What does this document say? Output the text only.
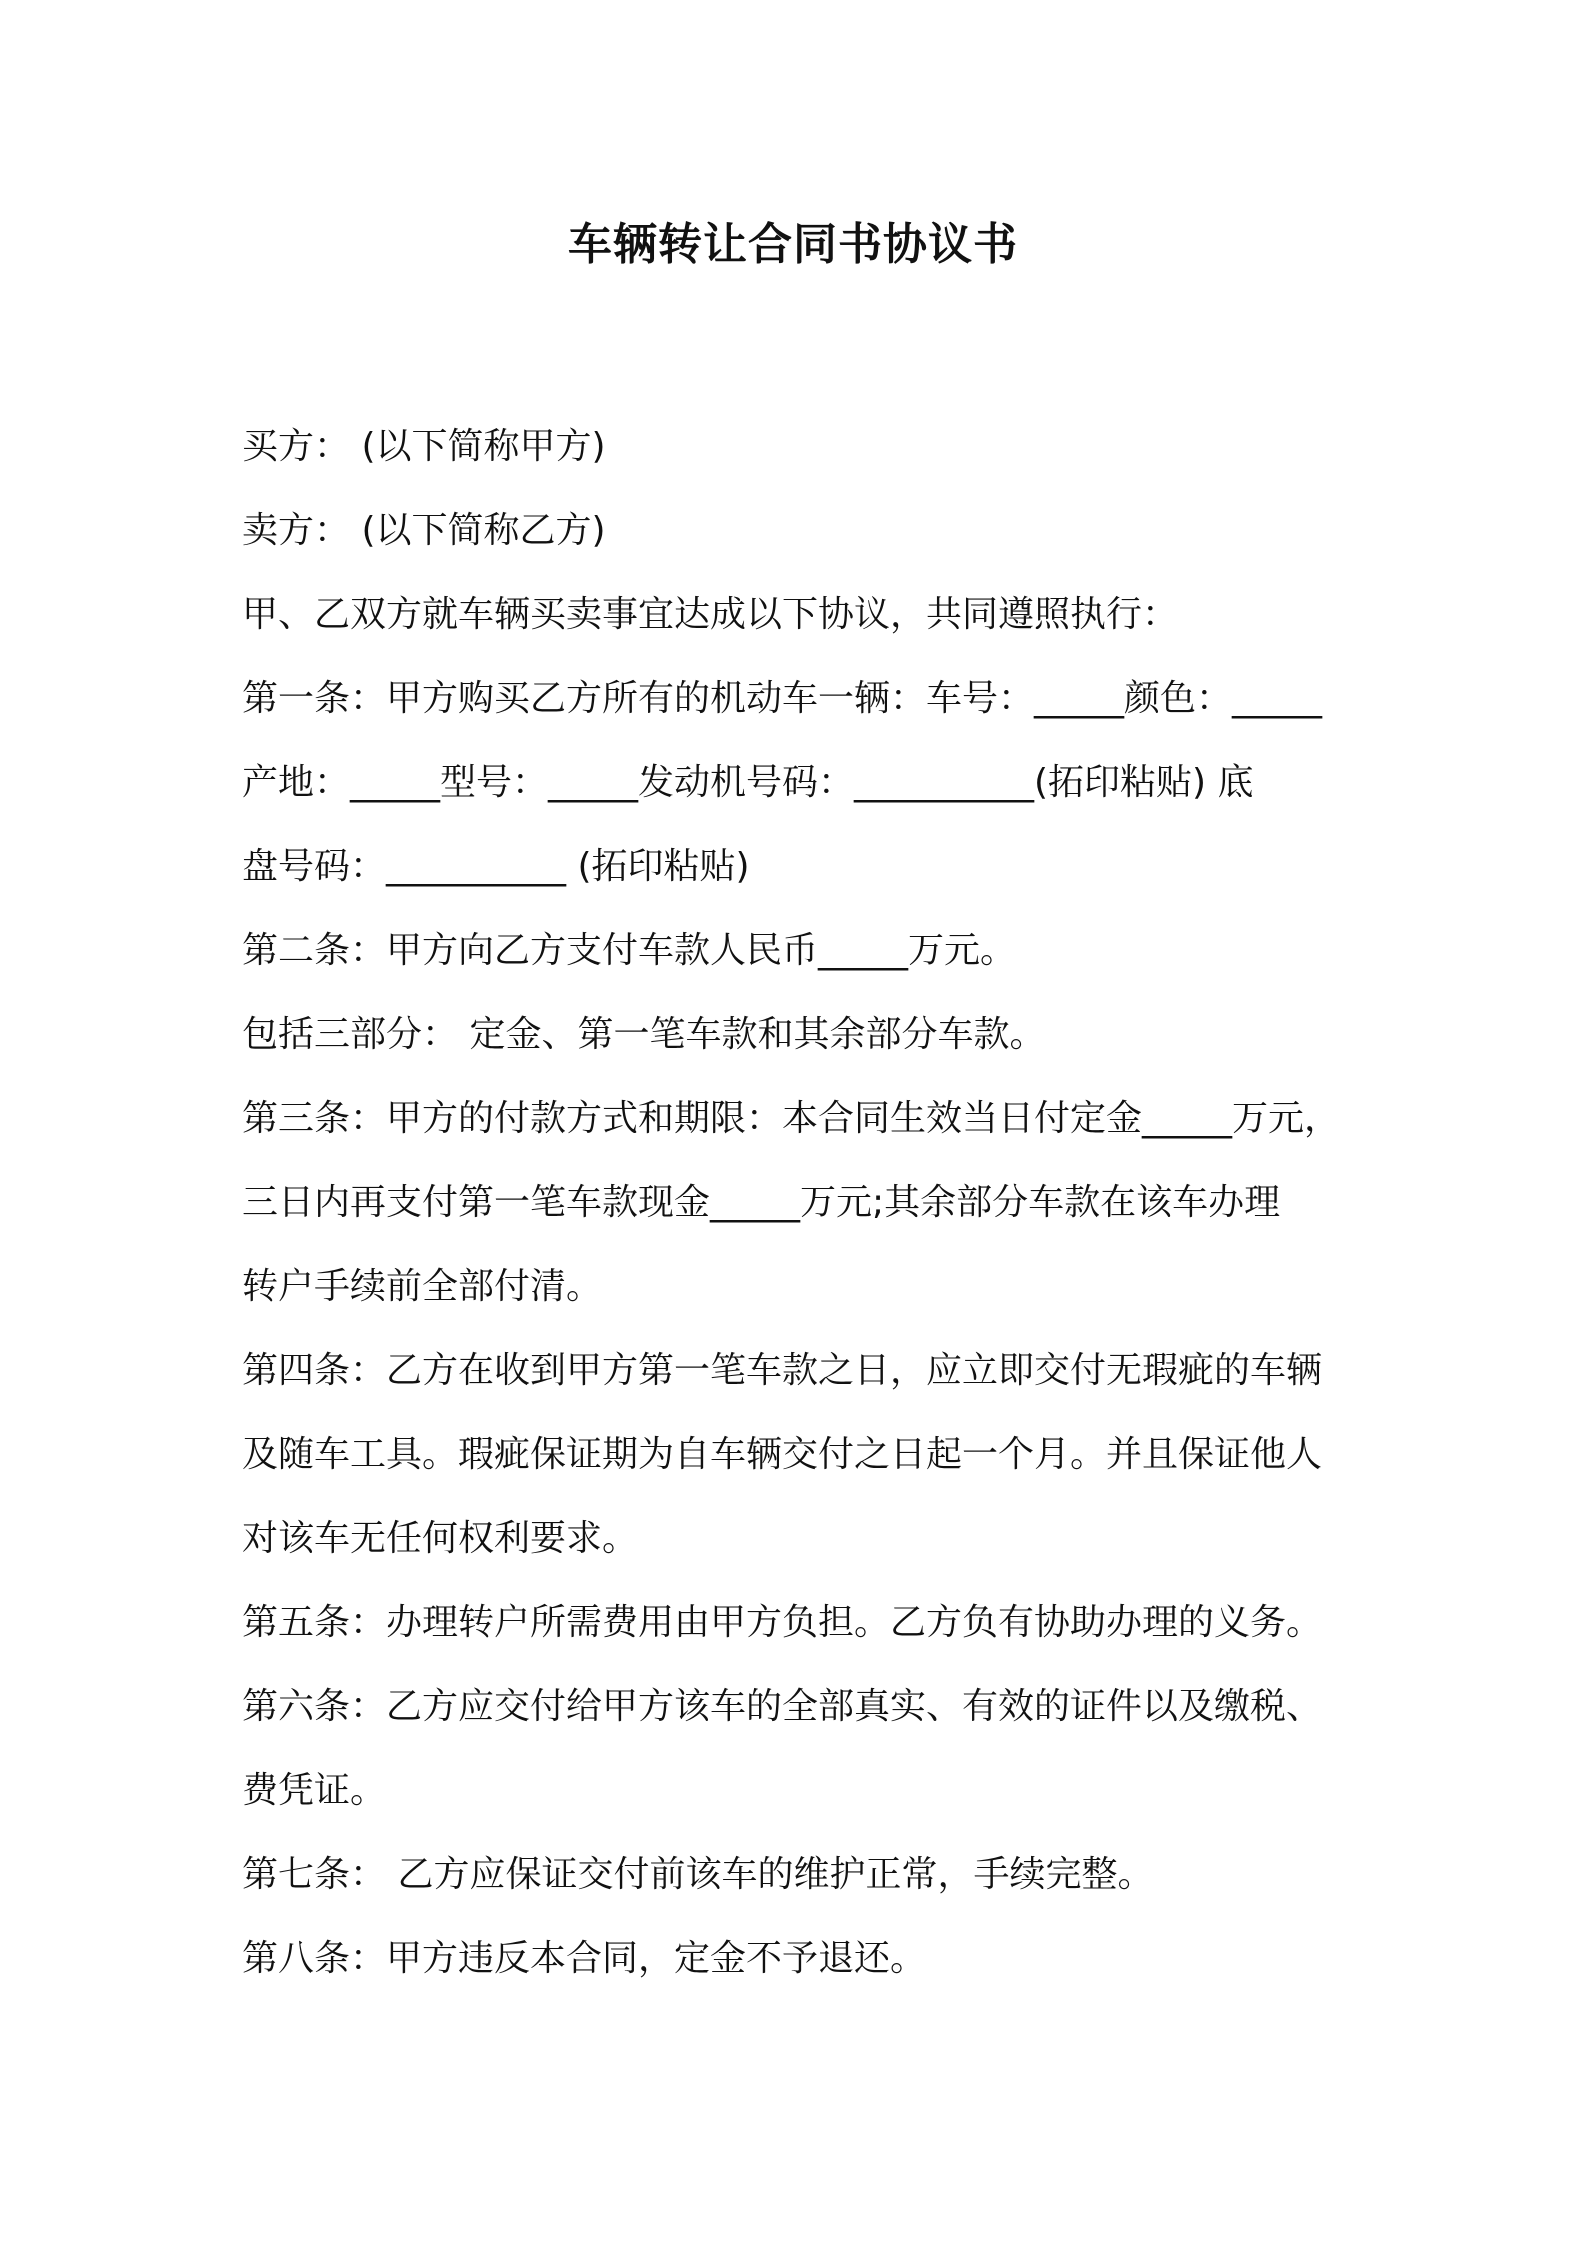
车辆转让合同书协议书
买方： (以下简称甲方)
卖方： (以下简称乙方)
甲、乙双方就车辆买卖事宜达成以下协议，共同遵照执行：
第一条：甲方购买乙方所有的机动车一辆：车号：_____颜色：_____
产地：_____型号：_____发动机号码：__________(拓印粘贴) 底
盘号码：__________ (拓印粘贴)
第二条：甲方向乙方支付车款人民币_____万元。
包括三部分： 定金、第一笔车款和其余部分车款。
第三条：甲方的付款方式和期限：本合同生效当日付定金_____万元，
三日内再支付第一笔车款现金_____万元;其余部分车款在该车办理
转户手续前全部付清。
第四条：乙方在收到甲方第一笔车款之日，应立即交付无瑕疵的车辆
及随车工具。瑕疵保证期为自车辆交付之日起一个月。并且保证他人
对该车无任何权利要求。
第五条：办理转户所需费用由甲方负担。乙方负有协助办理的义务。
第六条：乙方应交付给甲方该车的全部真实、有效的证件以及缴税、
费凭证。
第七条： 乙方应保证交付前该车的维护正常，手续完整。
第八条：甲方违反本合同，定金不予退还。
